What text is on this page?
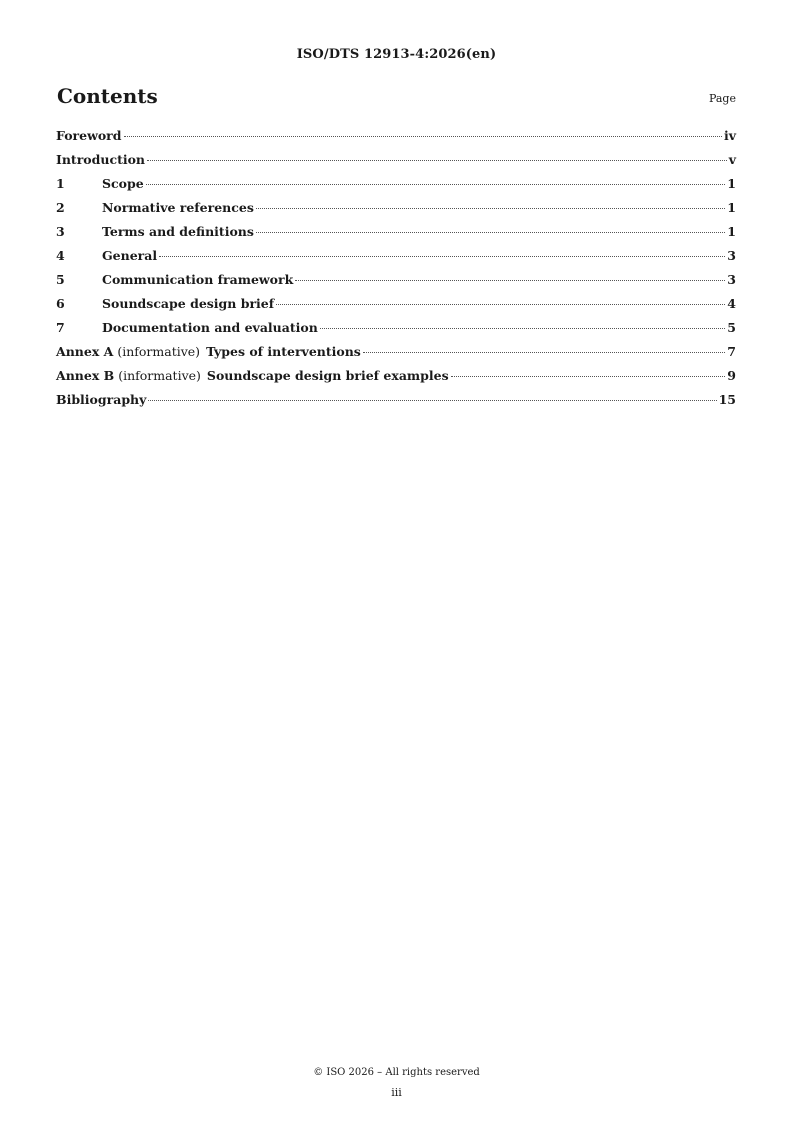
ISO/DTS 12913-4:2026(en)
Contents	Page
Foreword	iv
Introduction	v
1	Scope	1
2	Normative references	1
3	Terms and definitions	1
4	General	3
5	Communication framework	3
6	Soundscape design brief	4
7	Documentation and evaluation	5
Annex A (informative) Types of interventions	7
Annex B (informative) Soundscape design brief examples	9
Bibliography	15
© ISO 2026 – All rights reserved
iii
